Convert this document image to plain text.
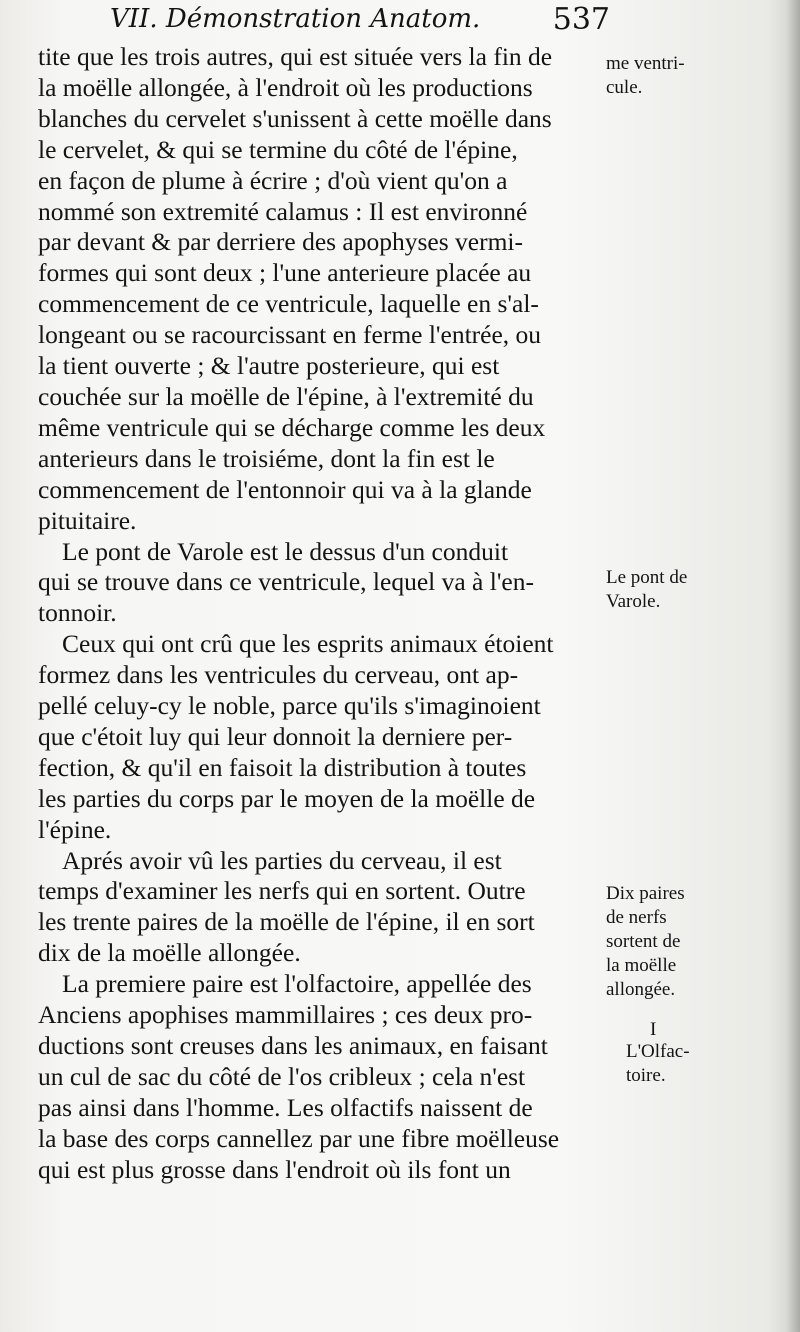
VII. Démonstration Anatom. 537
tite que les trois autres, qui est située vers la fin de
la moëlle allongée, à l'endroit où les productions
blanches du cervelet s'unissent à cette moëlle dans
le cervelet, & qui se termine du côté de l'épine,
en façon de plume à écrire ; d'où vient qu'on a
nommé son extremité calamus : Il est environné
par devant & par derriere des apophyses vermi-
formes qui sont deux ; l'une anterieure placée au
commencement de ce ventricule, laquelle en s'al-
longeant ou se racourcissant en ferme l'entrée, ou
la tient ouverte ; & l'autre posterieure, qui est
couchée sur la moëlle de l'épine, à l'extremité du
même ventricule qui se décharge comme les deux
anterieurs dans le troisiéme, dont la fin est le
commencement de l'entonnoir qui va à la glande
pituitaire.
Le pont de Varole est le dessus d'un conduit
qui se trouve dans ce ventricule, lequel va à l'en-
tonnoir.
Ceux qui ont crû que les esprits animaux étoient
formez dans les ventricules du cerveau, ont ap-
pellé celuy-cy le noble, parce qu'ils s'imaginoient
que c'étoit luy qui leur donnoit la derniere per-
fection, & qu'il en faisoit la distribution à toutes
les parties du corps par le moyen de la moëlle de
l'épine.
Aprés avoir vû les parties du cerveau, il est
temps d'examiner les nerfs qui en sortent. Outre
les trente paires de la moëlle de l'épine, il en sort
dix de la moëlle allongée.
La premiere paire est l'olfactoire, appellée des
Anciens apophises mammillaires ; ces deux pro-
ductions sont creuses dans les animaux, en faisant
un cul de sac du côté de l'os cribleux ; cela n'est
pas ainsi dans l'homme. Les olfactifs naissent de
la base des corps cannellez par une fibre moëlleuse
qui est plus grosse dans l'endroit où ils font un
me ventri-
cule.
Le pont de
Varole.
Dix paires
de nerfs
sortent de
la moëlle
allongée.
I
L'Olfac-
toire.
